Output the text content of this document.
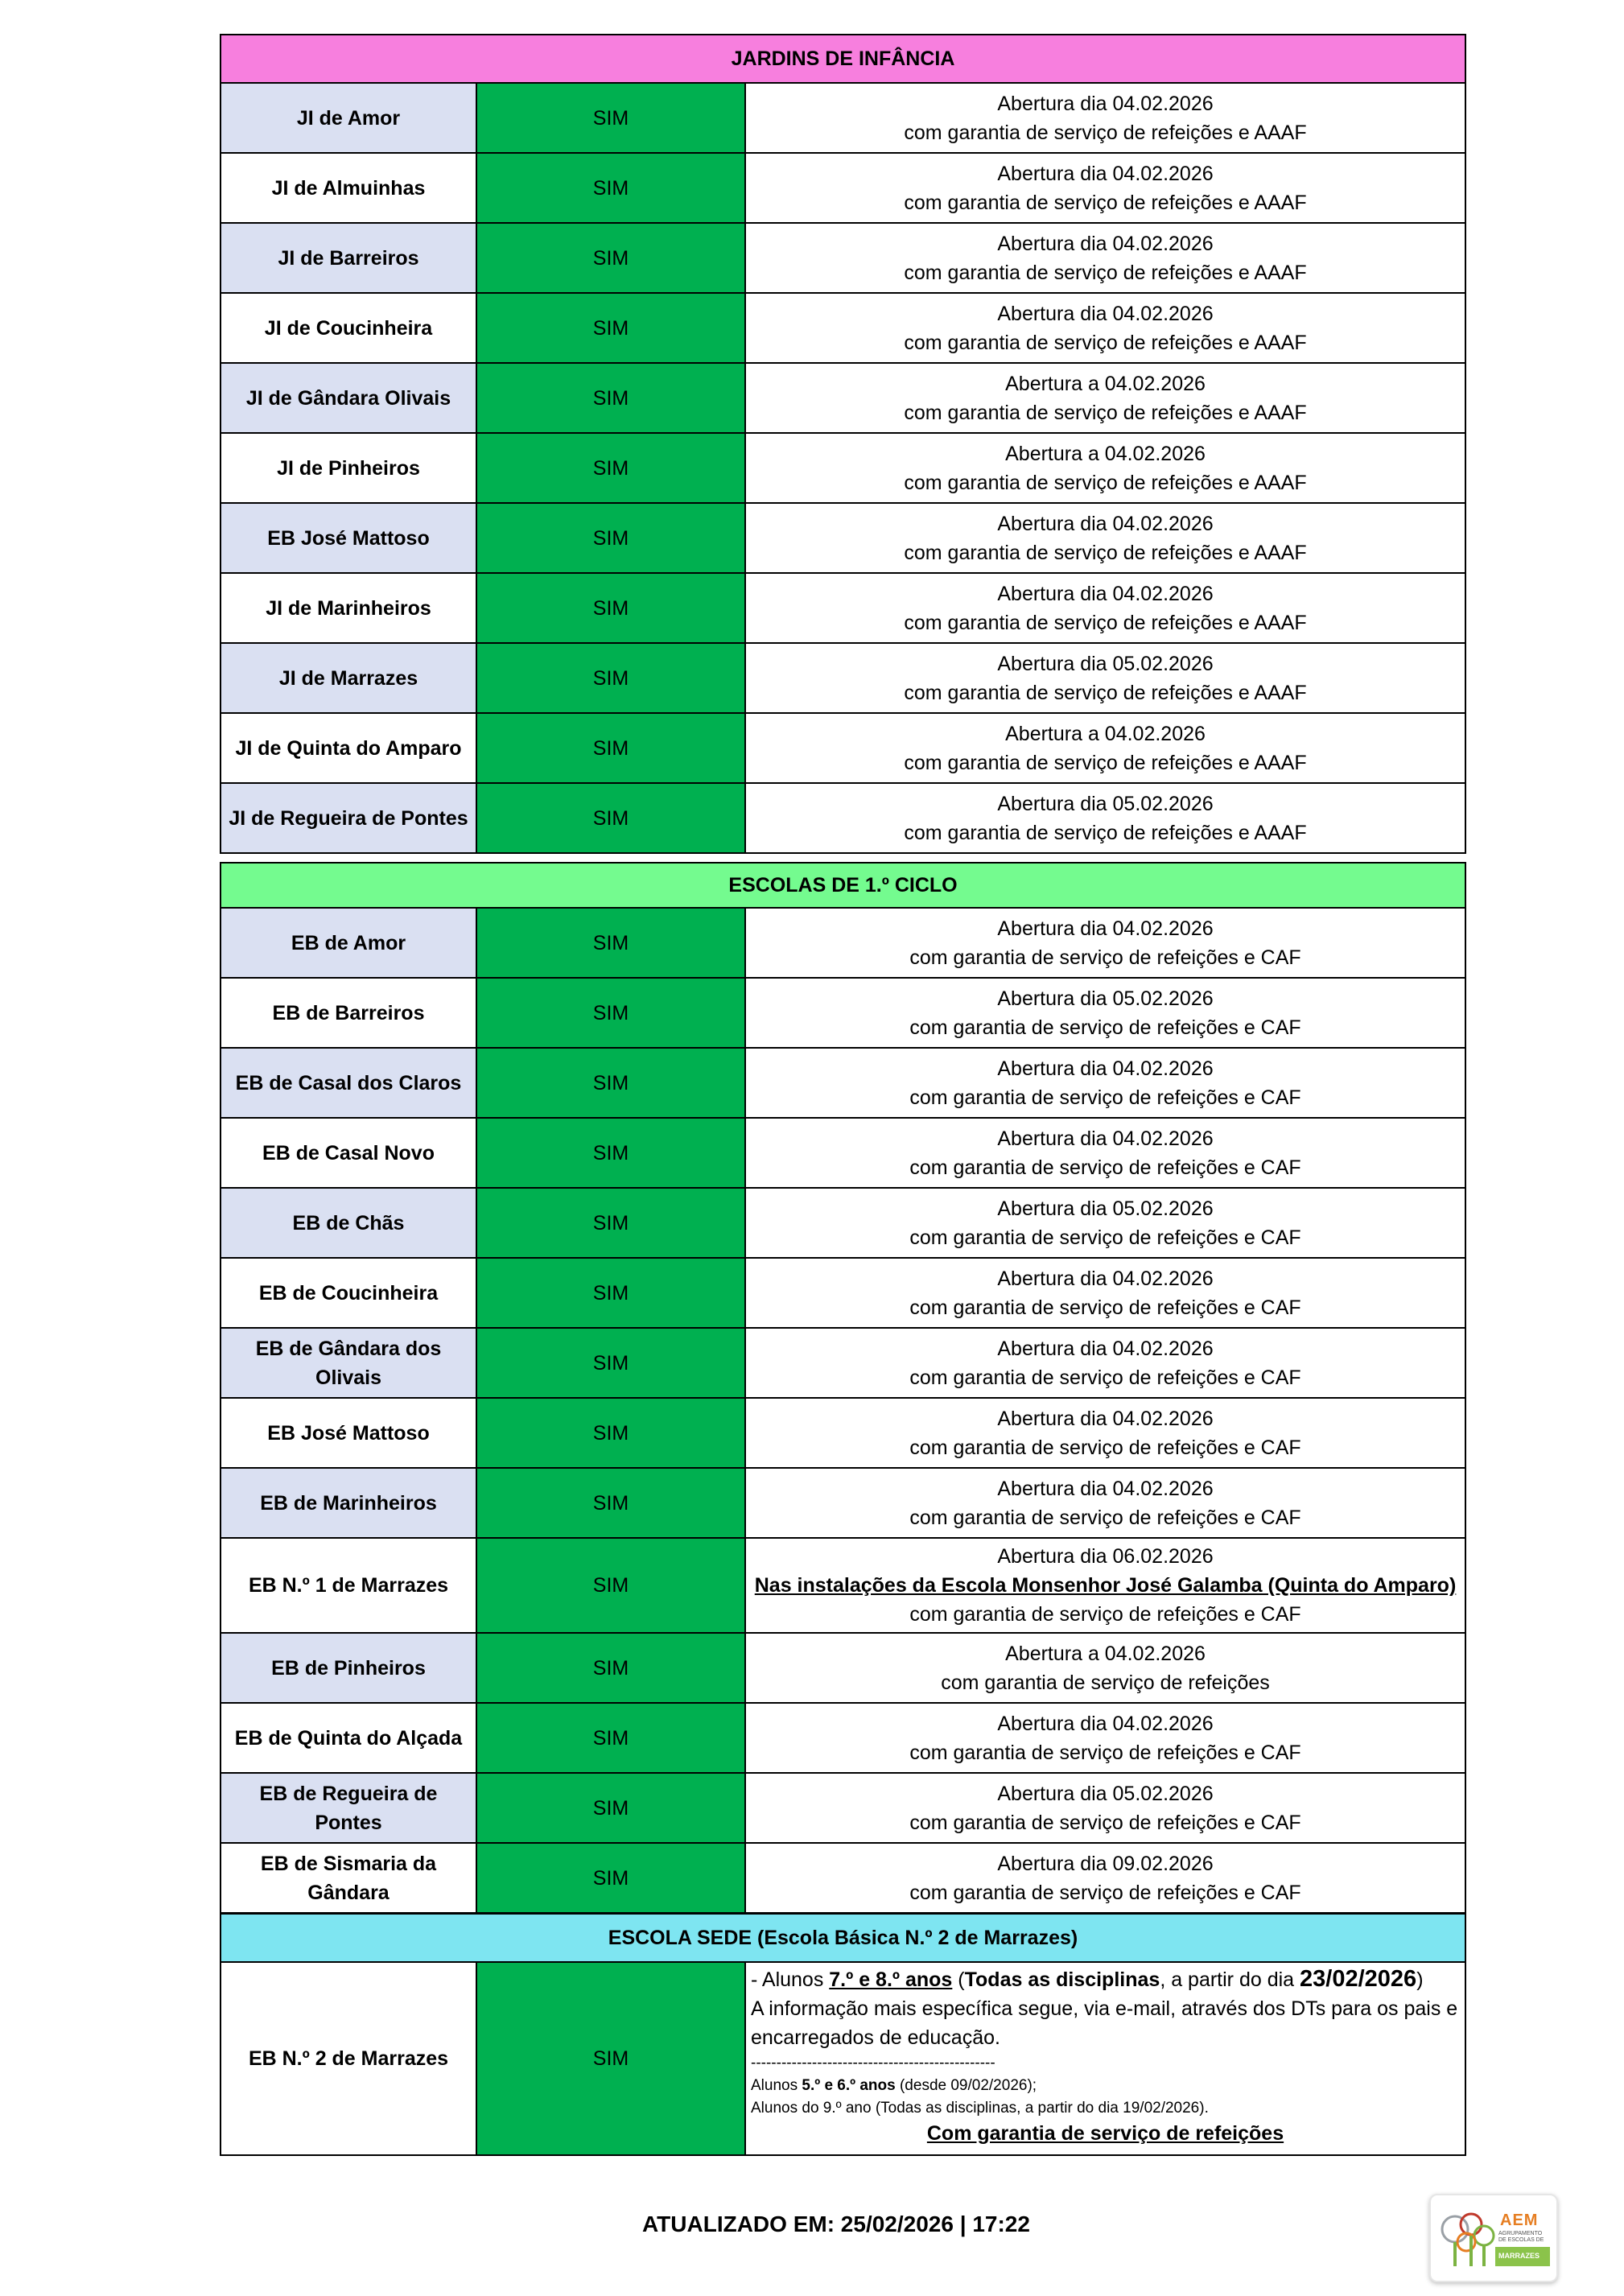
JARDINS DE INFÂNCIA		
JI de Amor	SIM	Abertura dia 04.02.2026
com garantia de serviço de refeições e AAAF

JI de Almuinhas	SIM	Abertura dia 04.02.2026
com garantia de serviço de refeições e AAAF

JI de Barreiros	SIM	Abertura dia 04.02.2026
com garantia de serviço de refeições e AAAF

JI de Coucinheira	SIM	Abertura dia 04.02.2026
com garantia de serviço de refeições e AAAF

JI de Gândara Olivais	SIM	Abertura a 04.02.2026
com garantia de serviço de refeições e AAAF

JI de Pinheiros	SIM	Abertura a 04.02.2026
com garantia de serviço de refeições e AAAF

EB José Mattoso	SIM	Abertura dia 04.02.2026
com garantia de serviço de refeições e AAAF

JI de Marinheiros	SIM	Abertura dia 04.02.2026
com garantia de serviço de refeições e AAAF

JI de Marrazes	SIM	Abertura dia 05.02.2026
com garantia de serviço de refeições e AAAF

JI de Quinta do Amparo	SIM	Abertura a 04.02.2026
com garantia de serviço de refeições e AAAF

JI de Regueira de Pontes	SIM	Abertura dia 05.02.2026
com garantia de serviço de refeições e AAAF
ESCOLAS DE 1.º CICLO		
EB de Amor	SIM	Abertura dia 04.02.2026
com garantia de serviço de refeições e CAF

EB de Barreiros	SIM	Abertura dia 05.02.2026
com garantia de serviço de refeições e CAF

EB de Casal dos Claros	SIM	Abertura dia 04.02.2026
com garantia de serviço de refeições e CAF

EB de Casal Novo	SIM	Abertura dia 04.02.2026
com garantia de serviço de refeições e CAF

EB de Chãs	SIM	Abertura dia 05.02.2026
com garantia de serviço de refeições e CAF

EB de Coucinheira	SIM	Abertura dia 04.02.2026
com garantia de serviço de refeições e CAF

EB de Gândara dos Olivais	SIM	Abertura dia 04.02.2026
com garantia de serviço de refeições e CAF

EB José Mattoso	SIM	Abertura dia 04.02.2026
com garantia de serviço de refeições e CAF

EB de Marinheiros	SIM	Abertura dia 04.02.2026
com garantia de serviço de refeições e CAF

EB N.º 1 de Marrazes	SIM	Abertura dia 06.02.2026
Nas instalações da Escola Monsenhor José Galamba (Quinta do Amparo)
com garantia de serviço de refeições e CAF

EB de Pinheiros	SIM	Abertura a 04.02.2026
com garantia de serviço de refeições

EB de Quinta do Alçada	SIM	Abertura dia 04.02.2026
com garantia de serviço de refeições e CAF

EB de Regueira de Pontes	SIM	Abertura dia 05.02.2026
com garantia de serviço de refeições e CAF

EB de Sismaria da Gândara	SIM	Abertura dia 09.02.2026
com garantia de serviço de refeições e CAF
ESCOLA SEDE (Escola Básica N.º 2 de Marrazes)
EB N.º 2 de Marrazes	SIM	
- Alunos 7.º e 8.º anos (Todas as disciplinas, a partir do dia 23/02/2026)
A informação mais específica segue, via e-mail, através dos DTs para os pais e encarregados de educação.
------------------------------------------------
Alunos 5.º e 6.º anos (desde 09/02/2026);
Alunos do 9.º ano (Todas as disciplinas, a partir do dia 19/02/2026).
Com garantia de serviço de refeições
ATUALIZADO EM: 25/02/2026 | 17:22	AEM
AGRUPAMENTO
DE ESCOLAS DE
MARRAZES
